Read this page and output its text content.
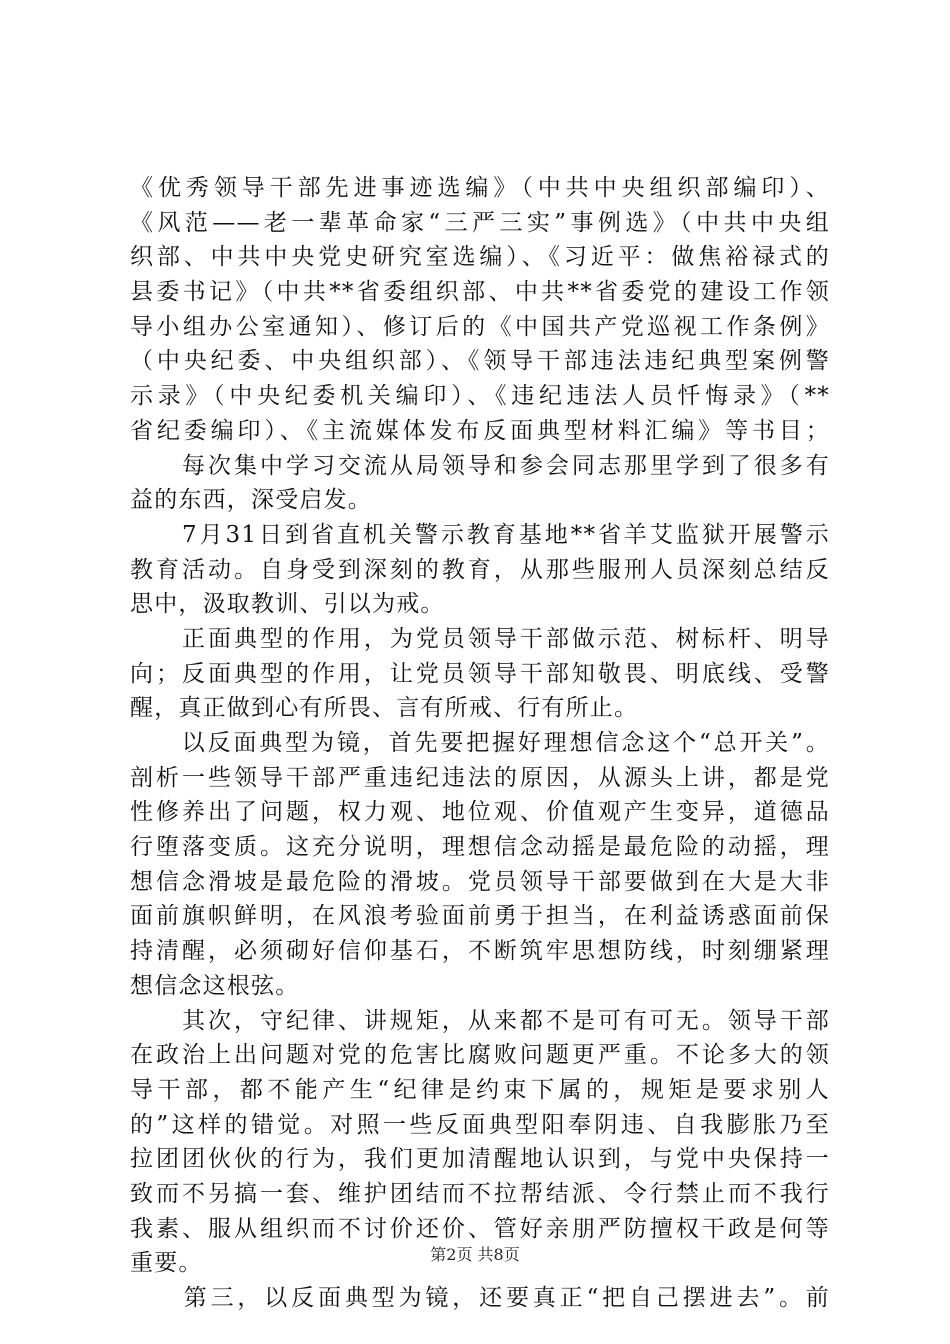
《优秀领导干部先进事迹选编》（中共中央组织部编印）、
《风范——老一辈革命家“三严三实”事例选》（中共中央组
织部、中共中央党史研究室选编）、《习近平：做焦裕禄式的
县委书记》（中共**省委组织部、中共**省委党的建设工作领
导小组办公室通知）、修订后的《中国共产党巡视工作条例》
（中央纪委、中央组织部）、《领导干部违法违纪典型案例警
示录》（中央纪委机关编印）、《违纪违法人员忏悔录》（**
省纪委编印）、《主流媒体发布反面典型材料汇编》等书目；
　　每次集中学习交流从局领导和参会同志那里学到了很多有
益的东西，深受启发。
　　7月31日到省直机关警示教育基地**省羊艾监狱开展警示
教育活动。自身受到深刻的教育，从那些服刑人员深刻总结反
思中，汲取教训、引以为戒。
　　正面典型的作用，为党员领导干部做示范、树标杆、明导
向；反面典型的作用，让党员领导干部知敬畏、明底线、受警
醒，真正做到心有所畏、言有所戒、行有所止。
　　以反面典型为镜，首先要把握好理想信念这个“总开关”。
剖析一些领导干部严重违纪违法的原因，从源头上讲，都是党
性修养出了问题，权力观、地位观、价值观产生变异，道德品
行堕落变质。这充分说明，理想信念动摇是最危险的动摇，理
想信念滑坡是最危险的滑坡。党员领导干部要做到在大是大非
面前旗帜鲜明，在风浪考验面前勇于担当，在利益诱惑面前保
持清醒，必须砌好信仰基石，不断筑牢思想防线，时刻绷紧理
想信念这根弦。
　　其次，守纪律、讲规矩，从来都不是可有可无。领导干部
在政治上出问题对党的危害比腐败问题更严重。不论多大的领
导干部，都不能产生“纪律是约束下属的，规矩是要求别人
的”这样的错觉。对照一些反面典型阳奉阴违、自我膨胀乃至
拉团团伙伙的行为，我们更加清醒地认识到，与党中央保持一
致而不另搞一套、维护团结而不拉帮结派、令行禁止而不我行
我素、服从组织而不讨价还价、管好亲朋严防擅权干政是何等
重要。
　　第三，以反面典型为镜，还要真正“把自己摆进去”。前
第2页 共8页
